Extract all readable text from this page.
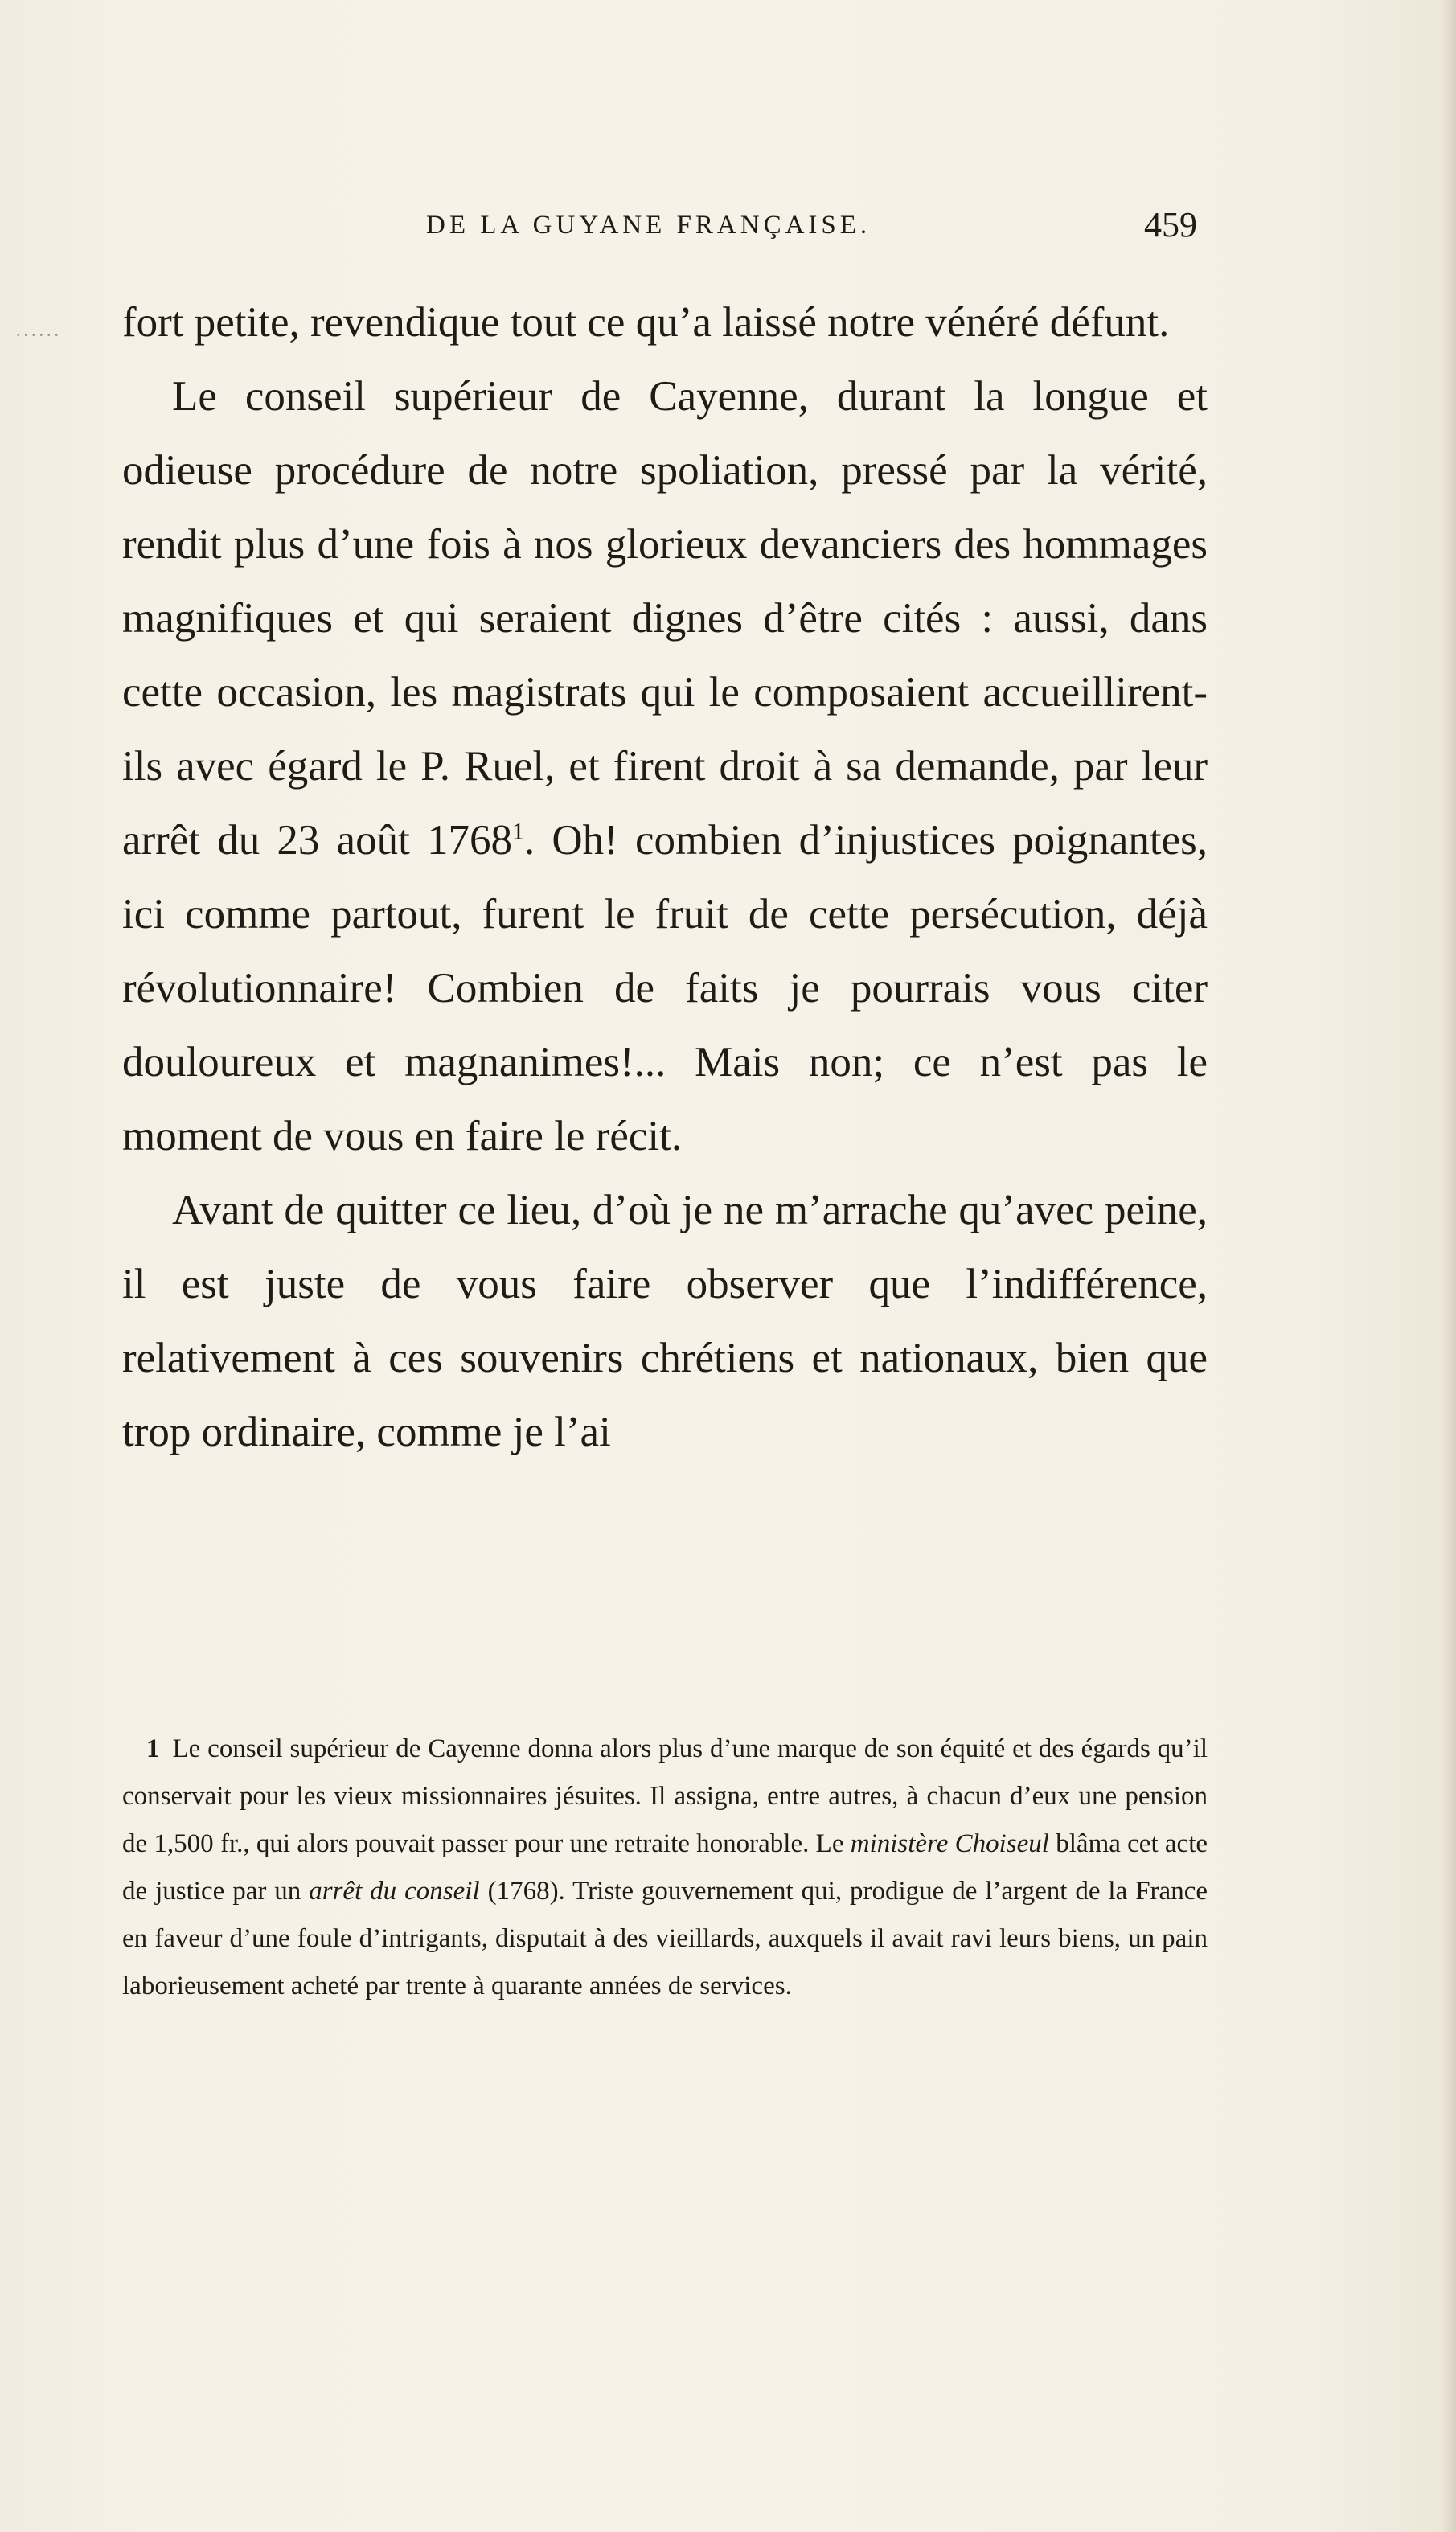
DE LA GUYANE FRANÇAISE.	459
...... fort petite, revendique tout ce qu’a laissé notre vénéré défunt.

Le conseil supérieur de Cayenne, durant la longue et odieuse procédure de notre spoliation, pressé par la vérité, rendit plus d’une fois à nos glorieux devanciers des hommages magnifiques et qui seraient dignes d’être cités : aussi, dans cette occasion, les magistrats qui le composaient accueillirent-ils avec égard le P. Ruel, et firent droit à sa demande, par leur arrêt du 23 août 1768$^1$. Oh! combien d’injustices poignantes, ici comme partout, furent le fruit de cette persécution, déjà révolutionnaire! Combien de faits je pourrais vous citer douloureux et magnanimes!... Mais non; ce n’est pas le moment de vous en faire le récit.

Avant de quitter ce lieu, d’où je ne m’arrache qu’avec peine, il est juste de vous faire observer que l’indifférence, relativement à ces souvenirs chrétiens et nationaux, bien que trop ordinaire, comme je l’ai

1 Le conseil supérieur de Cayenne donna alors plus d’une marque de son équité et des égards qu’il conservait pour les vieux missionnaires jésuites. Il assigna, entre autres, à chacun d’eux une pension de 1,500 fr., qui alors pouvait passer pour une retraite honorable. Le ministère Choiseul blâma cet acte de justice par un arrêt du conseil (1768). Triste gouvernement qui, prodigue de l’argent de la France en faveur d’une foule d’intrigants, disputait à des vieillards, auxquels il avait ravi leurs biens, un pain laborieusement acheté par trente à quarante années de services.
